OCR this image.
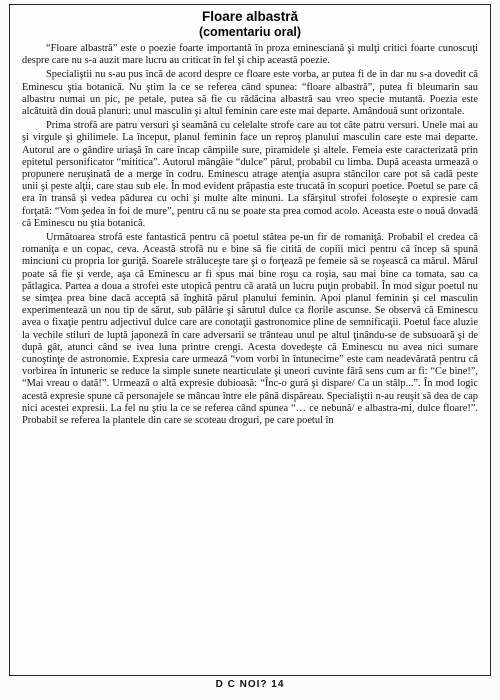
Floare albastră
(comentariu oral)

“Floare albastră” este o poezie foarte importantă în proza eminesciană şi mulţi critici foarte cunoscuţi despre care nu s-a auzit mare lucru au criticat în fel şi chip această poezie.

Specialiştii nu s-au pus încă de acord despre ce floare este vorba, ar putea fi de in dar nu s-a dovedit că Eminescu ştia botanică. Nu ştim la ce se referea când spunea: “floare albastră”, putea fi bleumarin sau albastru numai un pic, pe petale, putea să fie cu rădăcina albastră sau vreo specie mutantă. Poezia este alcătuită din două planuri: unul masculin şi altul feminin care este mai departe. Amândouă sunt orizontale.

Prima strofă are patru versuri şi seamănă cu celelalte strofe care au tot câte patru versuri. Unele mai au şi virgule şi ghilimele. La început, planul feminin face un reproş planului masculin care este mai departe. Autorul are o gândire uriaşă în care încap câmpiile sure, piramidele şi altele. Femeia este caracterizată prin epitetul personificator “mititica”. Autorul mângâie “dulce” părul, probabil cu limba. După aceasta urmează o propunere neruşinată de a merge în codru. Eminescu atrage atenţia asupra stâncilor care pot să cadă peste unii şi peste alţii, care stau sub ele. În mod evident prăpastia este trucată în scopuri poetice. Poetul se pare că era în transă şi vedea pădurea cu ochi şi multe alte minuni. La sfârşitul strofei foloseşte o expresie cam forţată: “Vom şedea în foi de mure”, pentru că nu se poate sta prea comod acolo. Aceasta este o nouă dovadă că Eminescu nu ştia botanică.

Următoarea strofă este fantastică pentru că poetul stătea pe-un fir de romaniţă. Probabil el credea că romaniţa e un copac, ceva. Această strofă nu e bine să fie citită de copiii mici pentru că încep să spună minciuni cu propria lor guriţă. Soarele străluceşte tare şi o forţează pe femeie să se roşească ca mărul. Mărul poate să fie şi verde, aşa că Eminescu ar fi spus mai bine roşu ca roşia, sau mai bine ca tomata, sau ca pătlagica. Partea a doua a strofei este utopică pentru că arată un lucru puţin probabil. În mod sigur poetul nu se simţea prea bine dacă acceptă să înghită părul planului feminin. Apoi planul feminin şi cel masculin experimentează un nou tip de sărut, sub pălărie şi sărutul dulce ca florile ascunse. Se observă că Eminescu avea o fixaţie pentru adjectivul dulce care are conotaţii gastronomice pline de semnificaţii. Poetul face aluzie la vechile stiluri de luptă japoneză în care adversarii se trânteau unul pe altul ţinându-se de subsuoară şi de după gât, atunci când se ivea luna printre crengi. Acesta dovedeşte că Eminescu nu avea nici sumare cunoştinţe de astronomie. Expresia care urmează “vom vorbi în întunecime” este cam neadevărată pentru că vorbirea în întuneric se reduce la simple sunete nearticulate şi uneori cuvinte fără sens cum ar fi: “Ce bine!”, “Mai vreau o dată!”. Urmează o altă expresie dubioasă: “Înc-o gură şi dispare/ Ca un stâlp...”. În mod logic acestă expresie spune că personajele se mâncau între ele până dispăreau. Specialiştii n-au reuşit să dea de cap nici acestei expresii. La fel nu ştiu la ce se referea când spunea “… ce nebună/ e albastra-mi, dulce floare!”. Probabil se referea la plantele din care se scoteau droguri, pe care poetul în

D C NOI? 14
